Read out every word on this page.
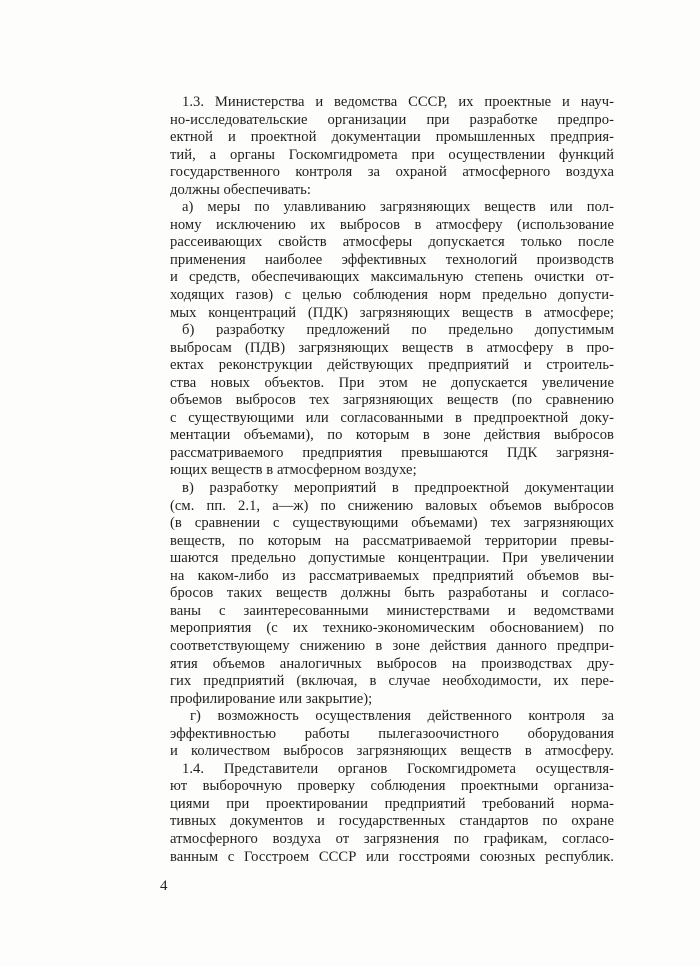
1.3. Министерства и ведомства СССР, их проектные и науч-
но-исследовательские организации при разработке предпро-
ектной и проектной документации промышленных предприя-
тий, а органы Госкомгидромета при осуществлении функций
государственного контроля за охраной атмосферного воздуха
должны обеспечивать:
а) меры по улавливанию загрязняющих веществ или пол-
ному исключению их выбросов в атмосферу (использование
рассеивающих свойств атмосферы допускается только после
применения наиболее эффективных технологий производств
и средств, обеспечивающих максимальную степень очистки от-
ходящих газов) с целью соблюдения норм предельно допусти-
мых концентраций (ПДК) загрязняющих веществ в атмосфере;
б) разработку предложений по предельно допустимым
выбросам (ПДВ) загрязняющих веществ в атмосферу в про-
ектах реконструкции действующих предприятий и строитель-
ства новых объектов. При этом не допускается увеличение
объемов выбросов тех загрязняющих веществ (по сравнению
с существующими или согласованными в предпроектной доку-
ментации объемами), по которым в зоне действия выбросов
рассматриваемого предприятия превышаются ПДК загрязня-
ющих веществ в атмосферном воздухе;
в) разработку мероприятий в предпроектной документации
(см. пп. 2.1, а—ж) по снижению валовых объемов выбросов
(в сравнении с существующими объемами) тех загрязняющих
веществ, по которым на рассматриваемой территории превы-
шаются предельно допустимые концентрации. При увеличении
на каком-либо из рассматриваемых предприятий объемов вы-
бросов таких веществ должны быть разработаны и согласо-
ваны с заинтересованными министерствами и ведомствами
мероприятия (с их технико-экономическим обоснованием) по
соответствующему снижению в зоне действия данного предпри-
ятия объемов аналогичных выбросов на производствах дру-
гих предприятий (включая, в случае необходимости, их пере-
профилирование или закрытие);
г) возможность осуществления действенного контроля за
эффективностью работы пылегазоочистного оборудования
и количеством выбросов загрязняющих веществ в атмосферу.
1.4. Представители органов Госкомгидромета осуществля-
ют выборочную проверку соблюдения проектными организа-
циями при проектировании предприятий требований норма-
тивных документов и государственных стандартов по охране
атмосферного воздуха от загрязнения по графикам, согласо-
ванным с Госстроем СССР или госстроями союзных республик.
4
